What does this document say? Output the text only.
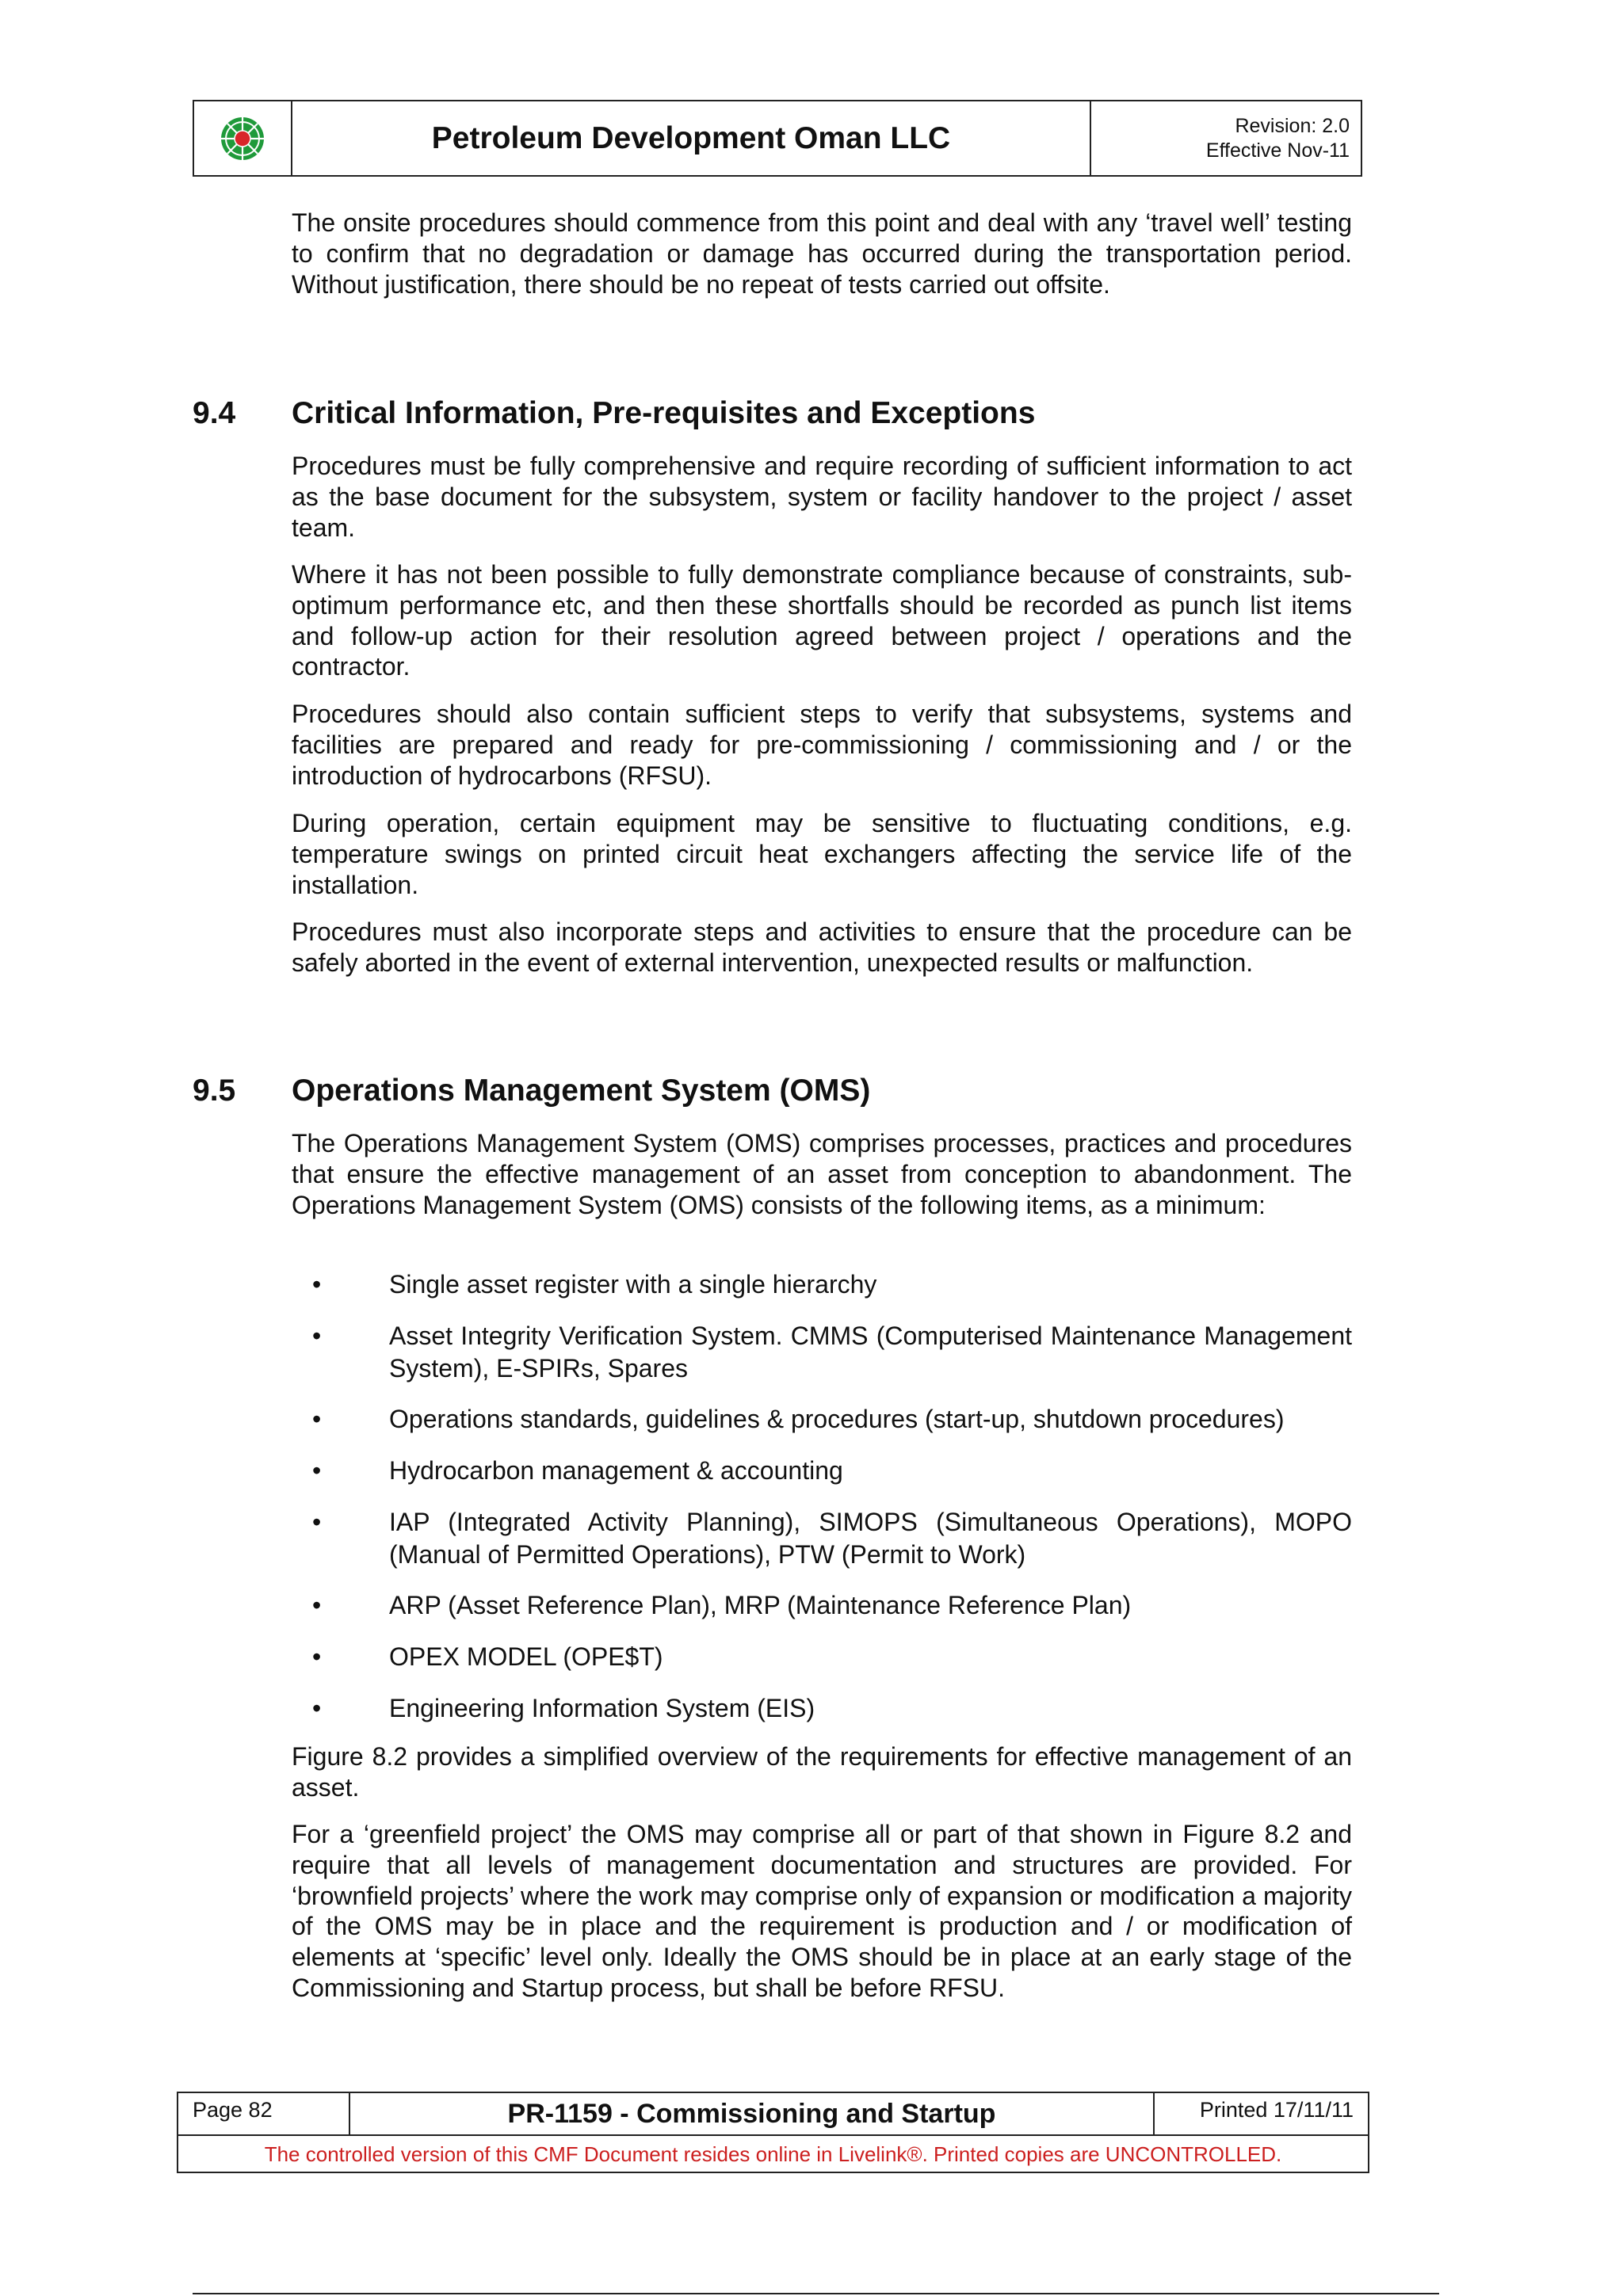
Petroleum Development Oman LLC	Revision: 2.0
Effective Nov-11

The onsite procedures should commence from this point and deal with any ‘travel well’ testing to confirm that no degradation or damage has occurred during the transportation period. Without justification, there should be no repeat of tests carried out offsite.

9.4	Critical Information, Pre-requisites and Exceptions

Procedures must be fully comprehensive and require recording of sufficient information to act as the base document for the subsystem, system or facility handover to the project / asset team.

Where it has not been possible to fully demonstrate compliance because of constraints, sub-optimum performance etc, and then these shortfalls should be recorded as punch list items and follow-up action for their resolution agreed between project / operations and the contractor.

Procedures should also contain sufficient steps to verify that subsystems, systems and facilities are prepared and ready for pre-commissioning / commissioning and / or the introduction of hydrocarbons (RFSU).

During operation, certain equipment may be sensitive to fluctuating conditions, e.g. temperature swings on printed circuit heat exchangers affecting the service life of the installation.

Procedures must also incorporate steps and activities to ensure that the procedure can be safely aborted in the event of external intervention, unexpected results or malfunction.

9.5	Operations Management System (OMS)

The Operations Management System (OMS) comprises processes, practices and procedures that ensure the effective management of an asset from conception to abandonment. The Operations Management System (OMS) consists of the following items, as a minimum:

•	Single asset register with a single hierarchy
•	Asset Integrity Verification System. CMMS (Computerised Maintenance Management System), E-SPIRs, Spares
•	Operations standards, guidelines & procedures (start-up, shutdown procedures)
•	Hydrocarbon management & accounting
•	IAP (Integrated Activity Planning), SIMOPS (Simultaneous Operations), MOPO (Manual of Permitted Operations), PTW (Permit to Work)
•	ARP (Asset Reference Plan), MRP (Maintenance Reference Plan)
•	OPEX MODEL (OPE$T)
•	Engineering Information System (EIS)

Figure 8.2 provides a simplified overview of the requirements for effective management of an asset.

For a ‘greenfield project’ the OMS may comprise all or part of that shown in Figure 8.2 and require that all levels of management documentation and structures are provided. For ‘brownfield projects’ where the work may comprise only of expansion or modification a majority of the OMS may be in place and the requirement is production and / or modification of elements at ‘specific’ level only. Ideally the OMS should be in place at an early stage of the Commissioning and Startup process, but shall be before RFSU.

Page 82	PR-1159 - Commissioning and Startup	Printed 17/11/11
The controlled version of this CMF Document resides online in Livelink®. Printed copies are UNCONTROLLED.
